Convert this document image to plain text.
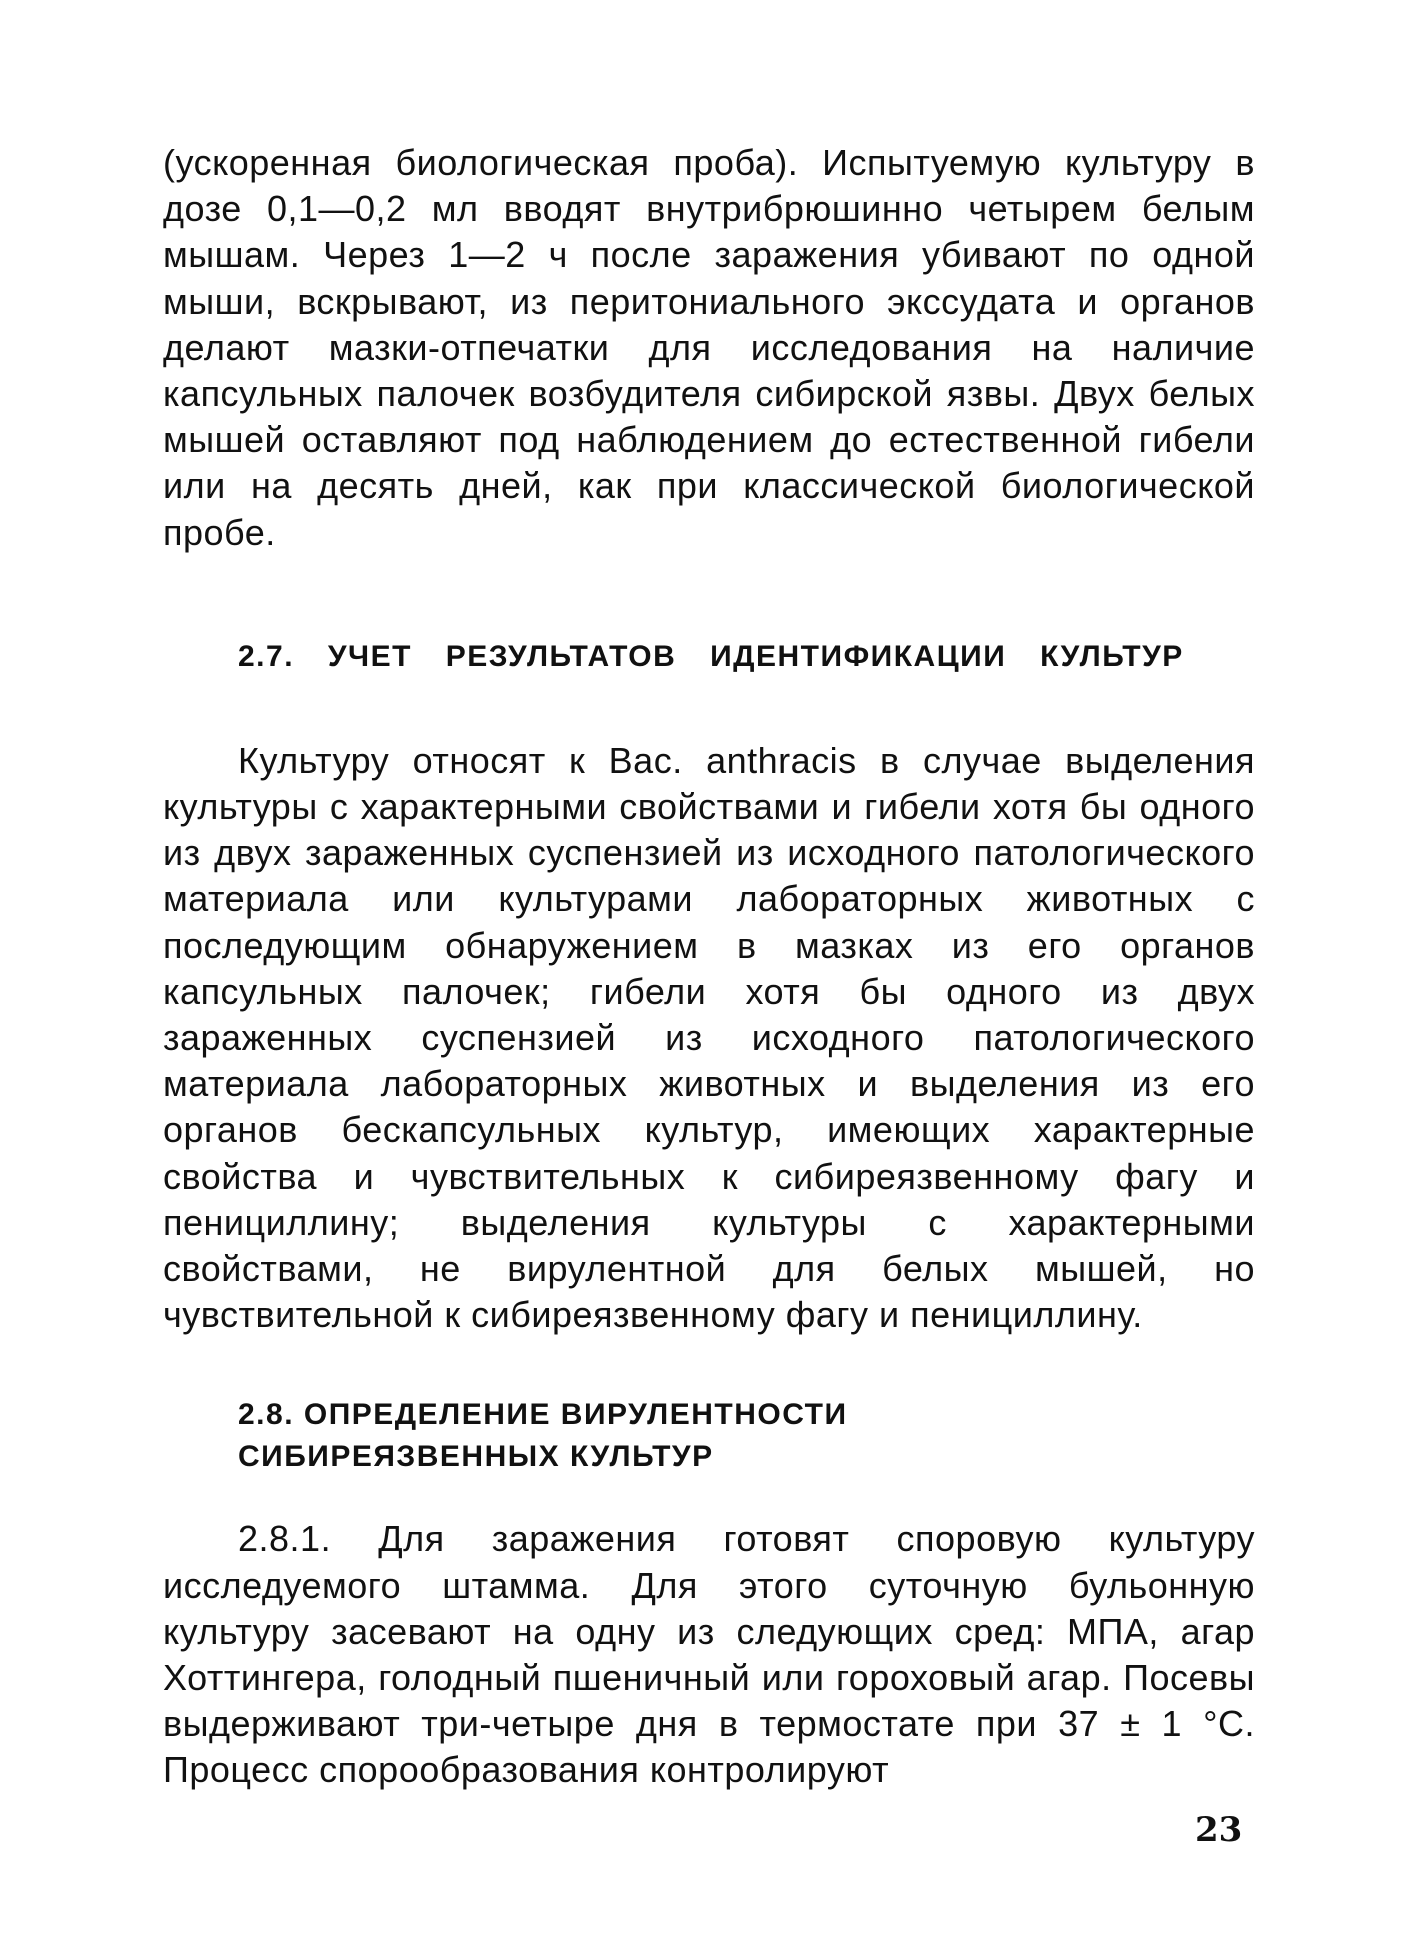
(ускоренная биологическая проба). Испытуемую культуру в дозе 0,1—0,2 мл вводят внутрибрюшинно четырем белым мышам. Через 1—2 ч после заражения убивают по одной мыши, вскрывают, из перитониального экссудата и органов делают мазки-отпечатки для исследования на наличие капсульных палочек возбудителя сибирской язвы. Двух белых мышей оставляют под наблюдением до естественной гибели или на десять дней, как при классической биологической пробе.

2.7. УЧЕТ РЕЗУЛЬТАТОВ ИДЕНТИФИКАЦИИ КУЛЬТУР

Культуру относят к Bac. anthracis в случае выделения культуры с характерными свойствами и гибели хотя бы одного из двух зараженных суспензией из исходного патологического материала или культурами лабораторных животных с последующим обнаружением в мазках из его органов капсульных палочек; гибели хотя бы одного из двух зараженных суспензией из исходного патологического материала лабораторных животных и выделения из его органов бескапсульных культур, имеющих характерные свойства и чувствительных к сибиреязвенному фагу и пенициллину; выделения культуры с характерными свойствами, не вирулентной для белых мышей, но чувствительной к сибиреязвенному фагу и пенициллину.

2.8. ОПРЕДЕЛЕНИЕ ВИРУЛЕНТНОСТИ
СИБИРЕЯЗВЕННЫХ КУЛЬТУР

2.8.1. Для заражения готовят споровую культуру исследуемого штамма. Для этого суточную бульонную культуру засевают на одну из следующих сред: МПА, агар Хоттингера, голодный пшеничный или гороховый агар. Посевы выдерживают три-четыре дня в термостате при 37 ± 1 °С. Процесс спорообразования контролируют

23
